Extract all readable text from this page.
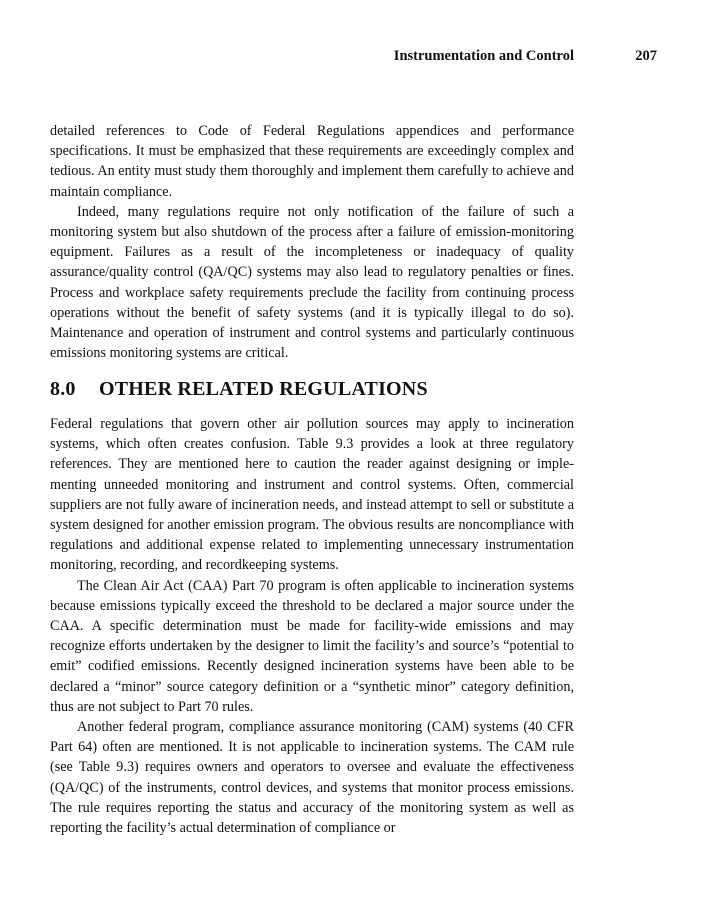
Instrumentation and Control	207

detailed references to Code of Federal Regulations appendices and performance specifications. It must be emphasized that these requirements are exceedingly complex and tedious. An entity must study them thoroughly and implement them carefully to achieve and maintain compliance.

Indeed, many regulations require not only notification of the failure of such a monitoring system but also shutdown of the process after a failure of emission-monitoring equipment. Failures as a result of the incompleteness or inadequacy of quality assurance/quality control (QA/QC) systems may also lead to regulatory penalties or fines. Process and workplace safety requirements preclude the facility from continuing process operations without the benefit of safety systems (and it is typically illegal to do so). Maintenance and operation of instrument and control systems and particularly continuous emissions monitoring systems are critical.

8.0 OTHER RELATED REGULATIONS

Federal regulations that govern other air pollution sources may apply to incineration systems, which often creates confusion. Table 9.3 provides a look at three regulatory references. They are mentioned here to caution the reader against designing or implementing unneeded monitoring and instrument and control systems. Often, commercial suppliers are not fully aware of incineration needs, and instead attempt to sell or substitute a system designed for another emission program. The obvious results are noncompliance with regulations and additional expense related to implementing unnecessary instrumentation monitoring, recording, and recordkeeping systems.

The Clean Air Act (CAA) Part 70 program is often applicable to incineration systems because emissions typically exceed the threshold to be declared a major source under the CAA. A specific determination must be made for facility-wide emissions and may recognize efforts undertaken by the designer to limit the facility’s and source’s “potential to emit” codified emissions. Recently designed incineration systems have been able to be declared a “minor” source category definition or a “synthetic minor” category definition, thus are not subject to Part 70 rules.

Another federal program, compliance assurance monitoring (CAM) systems (40 CFR Part 64) often are mentioned. It is not applicable to incineration systems. The CAM rule (see Table 9.3) requires owners and operators to oversee and evaluate the effectiveness (QA/QC) of the instruments, control devices, and systems that monitor process emissions. The rule requires reporting the status and accuracy of the monitoring system as well as reporting the facility’s actual determination of compliance or
